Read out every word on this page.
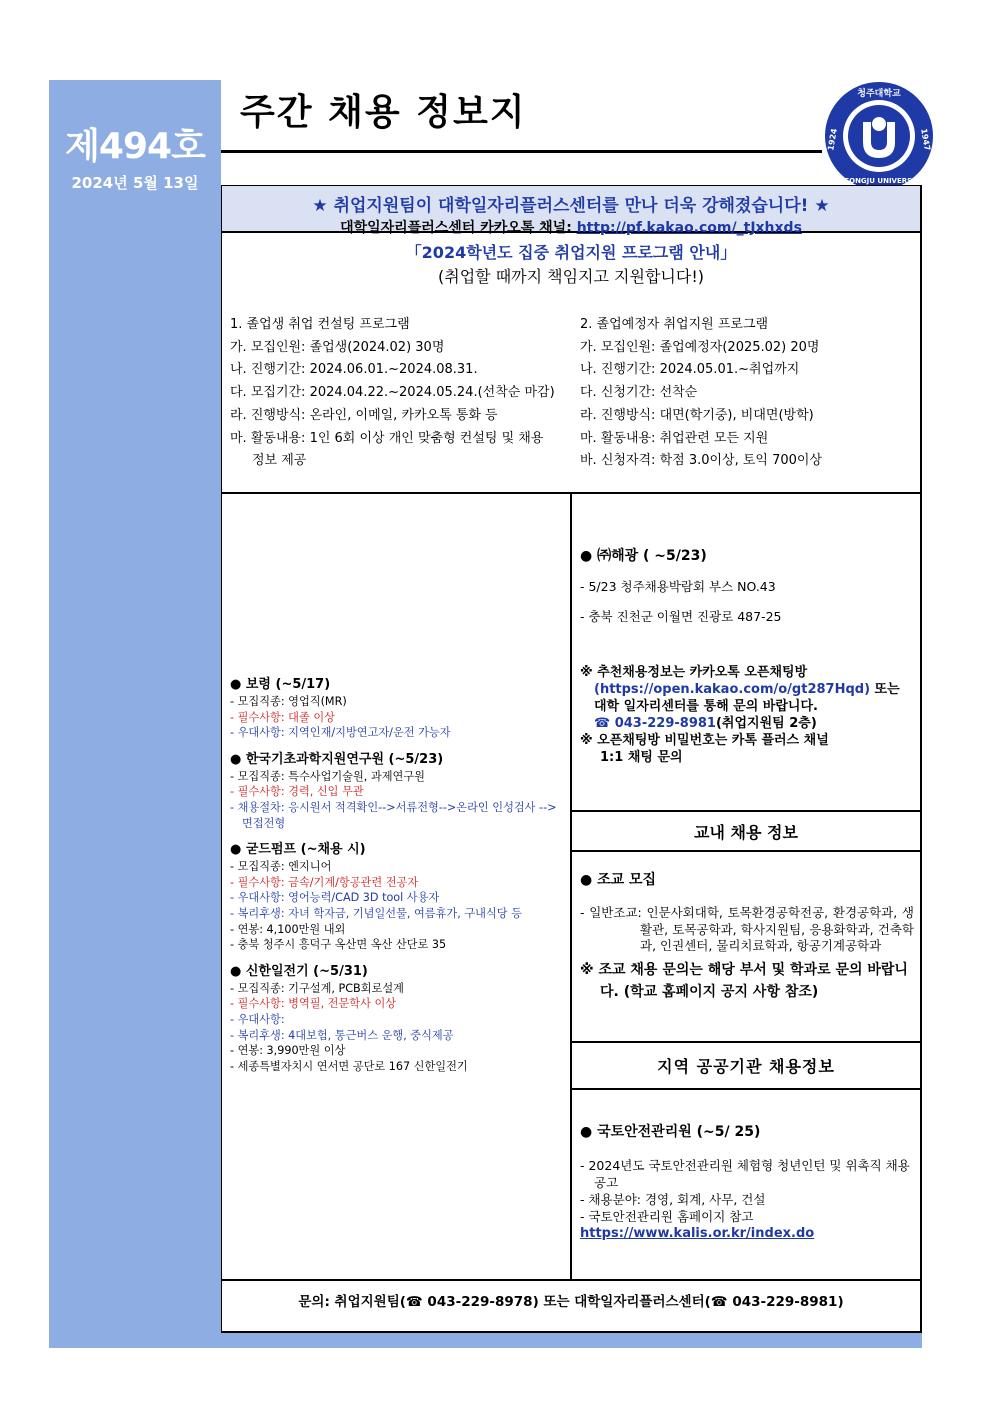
제494호
2024년 5월 13일
주간 채용 정보지	청주대학교
1924	1947
CHEONGJU UNIVERSITY
★ 취업지원팀이 대학일자리플러스센터를 만나 더욱 강해졌습니다! ★
대학일자리플러스센터 카카오톡 채널: http://pf.kakao.com/_tJxhxds
「2024학년도 집중 취업지원 프로그램 안내」
(취업할 때까지 책임지고 지원합니다!)
1. 졸업생 취업 컨설팅 프로그램
가. 모집인원: 졸업생(2024.02) 30명
나. 진행기간: 2024.06.01.~2024.08.31.
다. 모집기간: 2024.04.22.~2024.05.24.(선착순 마감)
라. 진행방식: 온라인, 이메일, 카카오톡 통화 등
마. 활동내용: 1인 6회 이상 개인 맞춤형 컨설팅 및 채용
정보 제공
2. 졸업예정자 취업지원 프로그램
가. 모집인원: 졸업예정자(2025.02) 20명
나. 진행기간: 2024.05.01.~취업까지
다. 신청기간: 선착순
라. 진행방식: 대면(학기중), 비대면(방학)
마. 활동내용: 취업관련 모든 지원
바. 신청자격: 학점 3.0이상, 토익 700이상
● 보령 (~5/17)
- 모집직종: 영업직(MR)
- 필수사항: 대졸 이상
- 우대사항: 지역인재/지방연고자/운전 가능자
● 한국기초과학지원연구원 (~5/23)
- 모집직종: 특수사업기술원, 과제연구원
- 필수사항: 경력, 신입 무관
- 채용절차: 응시원서 적격확인-->서류전형-->온라인 인성검사 -->면접전형
● 굳드펌프 (~채용 시)
- 모집직종: 엔지니어
- 필수사항: 금속/기계/항공관련 전공자
- 우대사항: 영어능력/CAD 3D tool 사용자
- 복리후생: 자녀 학자금, 기념일선물, 여름휴가, 구내식당 등
- 연봉: 4,100만원 내외
- 충북 청주시 흥덕구 옥산면 옥산 산단로 35
● 신한일전기 (~5/31)
- 모집직종: 기구설계, PCB회로설계
- 필수사항: 병역필, 전문학사 이상
- 우대사항:
- 복리후생: 4대보험, 통근버스 운행, 중식제공
- 연봉: 3,990만원 이상
- 세종특별자치시 연서면 공단로 167 신한일전기
● ㈜해광 ( ~5/23)
- 5/23 청주채용박람회 부스 NO.43
- 충북 진천군 이월면 진광로 487-25
※ 추천채용정보는 카카오톡 오픈채팅방
(https://open.kakao.com/o/gt287Hqd) 또는
대학 일자리센터를 통해 문의 바랍니다.
☎ 043-229-8981(취업지원팀 2층)
※ 오픈채팅방 비밀번호는 카톡 플러스 채널
1:1 채팅 문의
교내 채용 정보
● 조교 모집
- 일반조교: 인문사회대학, 토목환경공학전공, 환경공학과, 생활관, 토목공학과, 학사지원팀, 응용화학과, 건축학과, 인권센터, 물리치료학과, 항공기계공학과
※ 조교 채용 문의는 해당 부서 및 학과로 문의 바랍니다. (학교 홈페이지 공지 사항 참조)
지역 공공기관 채용정보
● 국토안전관리원 (~5/ 25)
- 2024년도 국토안전관리원 체험형 청년인턴 및 위촉직 채용 공고
- 채용분야: 경영, 회계, 사무, 건설
- 국토안전관리원 홈페이지 참고
https://www.kalis.or.kr/index.do
문의: 취업지원팀(☎ 043-229-8978) 또는 대학일자리플러스센터(☎ 043-229-8981)
